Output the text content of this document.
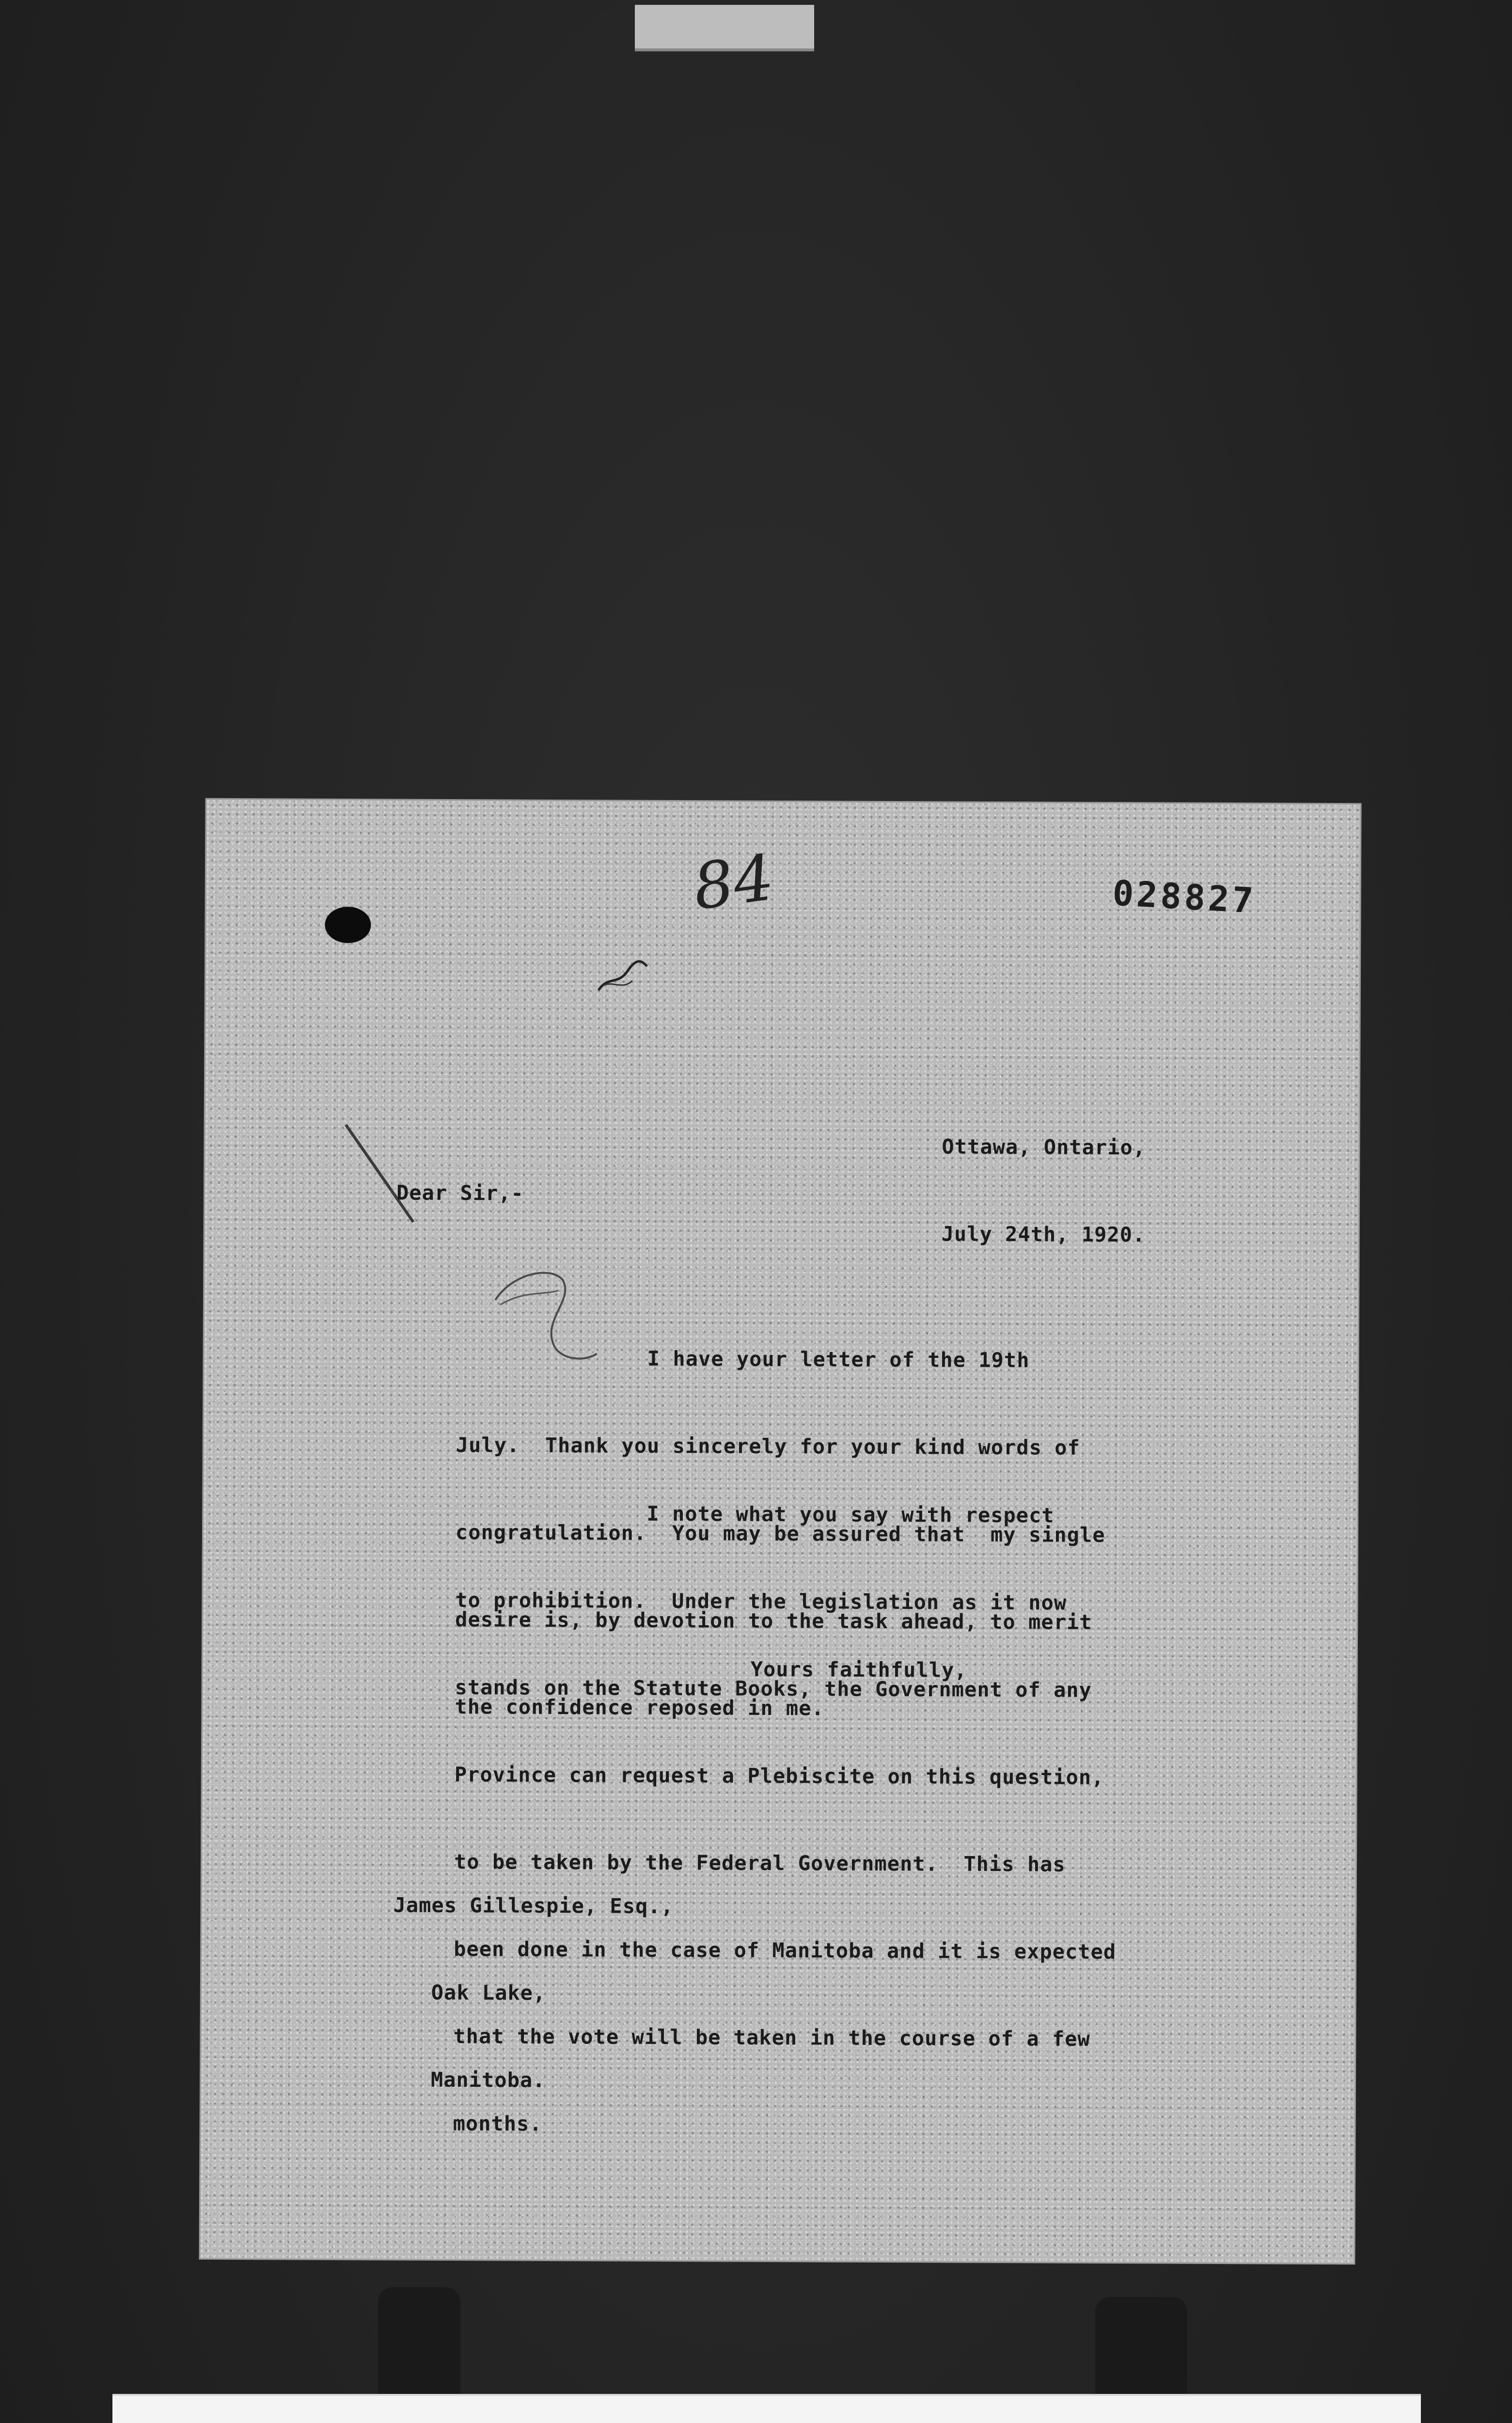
84	028827

Ottawa, Ontario,

July 24th, 1920.

Dear Sir,-

I have your letter of the 19th

July.  Thank you sincerely for your kind words of

congratulation.  You may be assured that  my single

desire is, by devotion to the task ahead, to merit

the confidence reposed in me.

I note what you say with respect

to prohibition.  Under the legislation as it now

stands on the Statute Books, the Government of any

Province can request a Plebiscite on this question,

to be taken by the Federal Government.  This has

been done in the case of Manitoba and it is expected

that the vote will be taken in the course of a few

months.

Yours faithfully,

James Gillespie, Esq.,

Oak Lake,

Manitoba.
